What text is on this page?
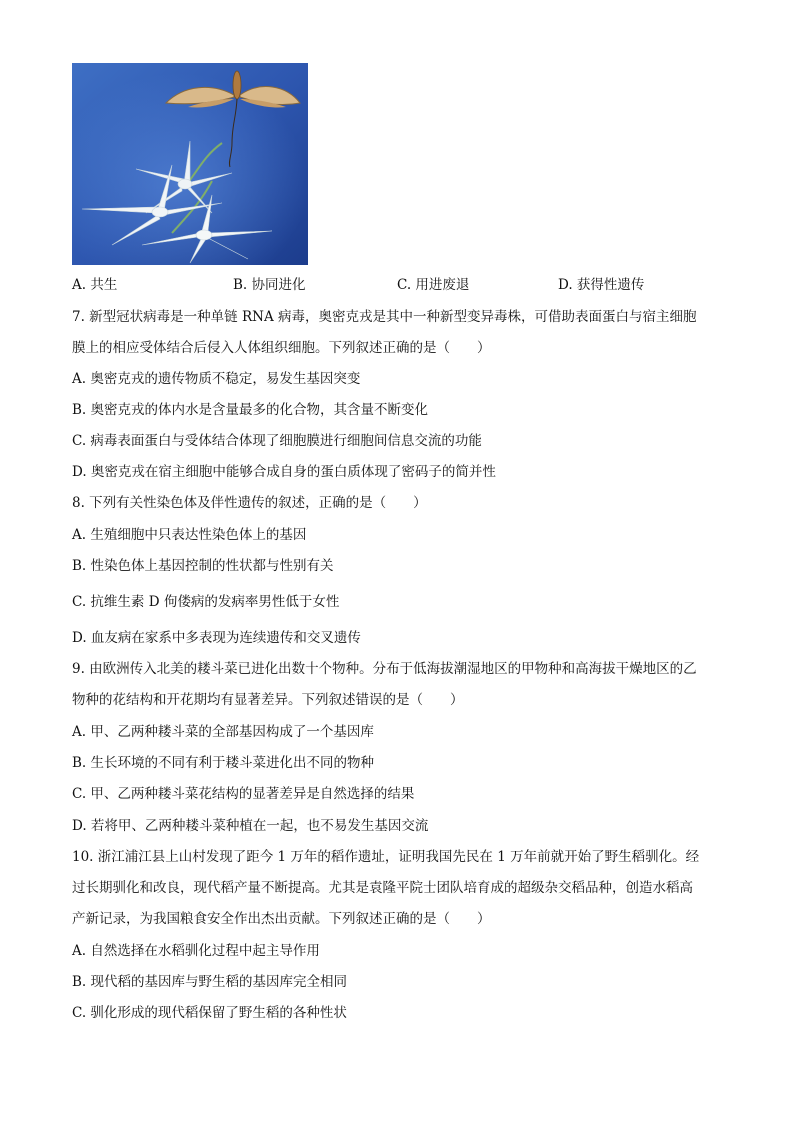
A. 共生	B. 协同进化	C. 用进废退	D. 获得性遗传
7. 新型冠状病毒是一种单链 RNA 病毒，奥密克戎是其中一种新型变异毒株，可借助表面蛋白与宿主细胞
膜上的相应受体结合后侵入人体组织细胞。下列叙述正确的是（　　）
A. 奥密克戎的遗传物质不稳定，易发生基因突变
B. 奥密克戎的体内水是含量最多的化合物，其含量不断变化
C. 病毒表面蛋白与受体结合体现了细胞膜进行细胞间信息交流的功能
D. 奥密克戎在宿主细胞中能够合成自身的蛋白质体现了密码子的简并性
8. 下列有关性染色体及伴性遗传的叙述，正确的是（　　）
A. 生殖细胞中只表达性染色体上的基因
B. 性染色体上基因控制的性状都与性别有关
C. 抗维生素 D 佝偻病的发病率男性低于女性
D. 血友病在家系中多表现为连续遗传和交叉遗传
9. 由欧洲传入北美的耧斗菜已进化出数十个物种。分布于低海拔潮湿地区的甲物种和高海拔干燥地区的乙
物种的花结构和开花期均有显著差异。下列叙述错误的是（　　）
A. 甲、乙两种耧斗菜的全部基因构成了一个基因库
B. 生长环境的不同有利于耧斗菜进化出不同的物种
C. 甲、乙两种耧斗菜花结构的显著差异是自然选择的结果
D. 若将甲、乙两种耧斗菜种植在一起，也不易发生基因交流
10. 浙江浦江县上山村发现了距今 1 万年的稻作遗址，证明我国先民在 1 万年前就开始了野生稻驯化。经
过长期驯化和改良，现代稻产量不断提高。尤其是袁隆平院士团队培育成的超级杂交稻品种，创造水稻高
产新记录，为我国粮食安全作出杰出贡献。下列叙述正确的是（　　）
A. 自然选择在水稻驯化过程中起主导作用
B. 现代稻的基因库与野生稻的基因库完全相同
C. 驯化形成的现代稻保留了野生稻的各种性状
